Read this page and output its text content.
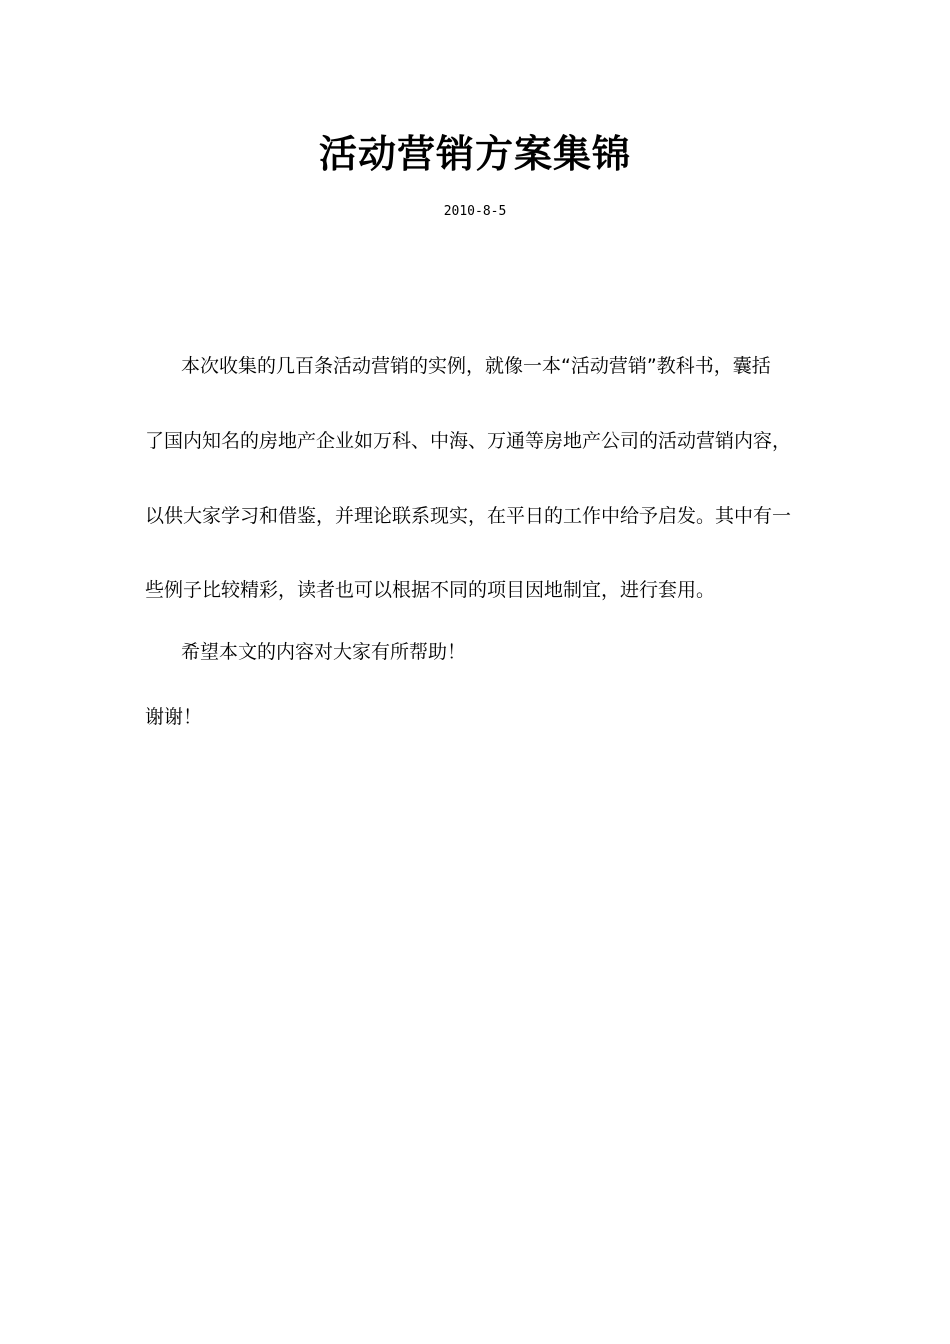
活动营销方案集锦
2010-8-5
本次收集的几百条活动营销的实例，就像一本“活动营销”教科书，囊括
了国内知名的房地产企业如万科、中海、万通等房地产公司的活动营销内容，
以供大家学习和借鉴，并理论联系现实，在平日的工作中给予启发。其中有一
些例子比较精彩，读者也可以根据不同的项目因地制宜，进行套用。
希望本文的内容对大家有所帮助！
谢谢！
